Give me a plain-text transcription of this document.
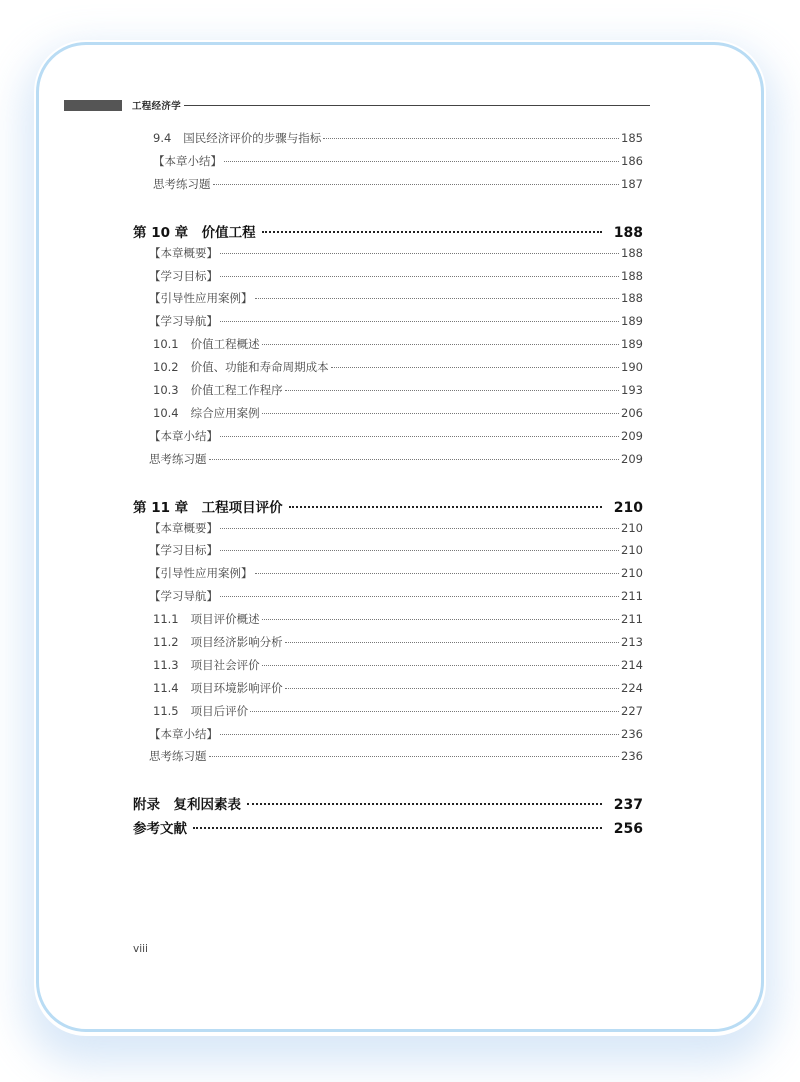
工程经济学
9.4 国民经济评价的步骤与指标	185
【本章小结】	186
思考练习题	187
第 10 章　价值工程	188
【本章概要】	188
【学习目标】	188
【引导性应用案例】	188
【学习导航】	189
10.1 价值工程概述	189
10.2 价值、功能和寿命周期成本	190
10.3 价值工程工作程序	193
10.4 综合应用案例	206
【本章小结】	209
思考练习题	209
第 11 章　工程项目评价	210
【本章概要】	210
【学习目标】	210
【引导性应用案例】	210
【学习导航】	211
11.1 项目评价概述	211
11.2 项目经济影响分析	213
11.3 项目社会评价	214
11.4 项目环境影响评价	224
11.5 项目后评价	227
【本章小结】	236
思考练习题	236
附录　复利因素表	237
参考文献	256
viii
